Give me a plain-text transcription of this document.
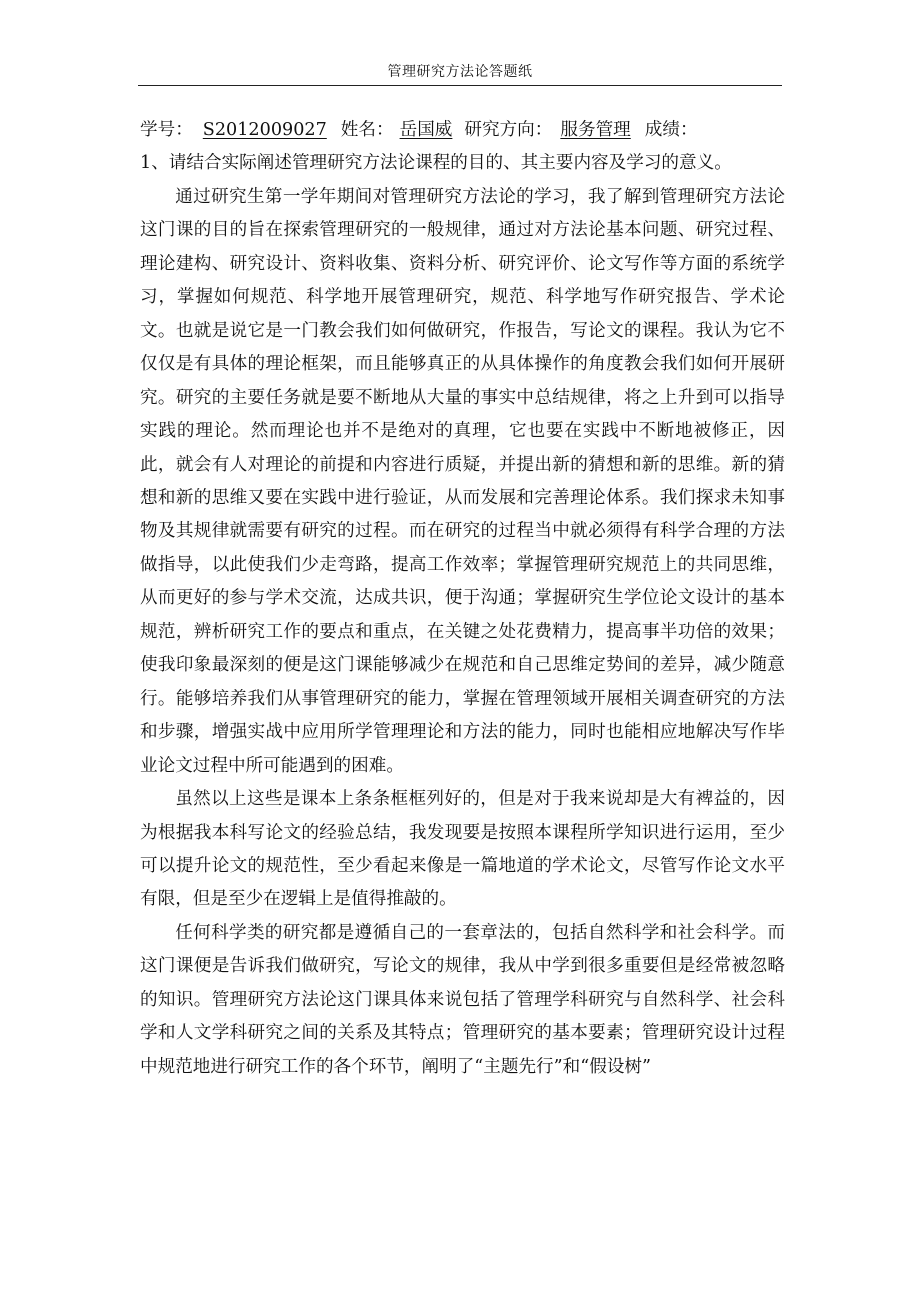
管理研究方法论答题纸
学号： S2012009027 姓名： 岳国威 研究方向： 服务管理 成绩：
1、请结合实际阐述管理研究方法论课程的目的、其主要内容及学习的意义。

通过研究生第一学年期间对管理研究方法论的学习，我了解到管理研究方法论这门课的目的旨在探索管理研究的一般规律，通过对方法论基本问题、研究过程、理论建构、研究设计、资料收集、资料分析、研究评价、论文写作等方面的系统学习，掌握如何规范、科学地开展管理研究，规范、科学地写作研究报告、学术论文。也就是说它是一门教会我们如何做研究，作报告，写论文的课程。我认为它不仅仅是有具体的理论框架，而且能够真正的从具体操作的角度教会我们如何开展研究。研究的主要任务就是要不断地从大量的事实中总结规律，将之上升到可以指导实践的理论。然而理论也并不是绝对的真理，它也要在实践中不断地被修正，因此，就会有人对理论的前提和内容进行质疑，并提出新的猜想和新的思维。新的猜想和新的思维又要在实践中进行验证，从而发展和完善理论体系。我们探求未知事物及其规律就需要有研究的过程。而在研究的过程当中就必须得有科学合理的方法做指导，以此使我们少走弯路，提高工作效率；掌握管理研究规范上的共同思维，从而更好的参与学术交流，达成共识，便于沟通；掌握研究生学位论文设计的基本规范，辨析研究工作的要点和重点，在关键之处花费精力，提高事半功倍的效果；使我印象最深刻的便是这门课能够减少在规范和自己思维定势间的差异，减少随意行。能够培养我们从事管理研究的能力，掌握在管理领域开展相关调查研究的方法和步骤，增强实战中应用所学管理理论和方法的能力，同时也能相应地解决写作毕业论文过程中所可能遇到的困难。

虽然以上这些是课本上条条框框列好的，但是对于我来说却是大有裨益的，因为根据我本科写论文的经验总结，我发现要是按照本课程所学知识进行运用，至少可以提升论文的规范性，至少看起来像是一篇地道的学术论文，尽管写作论文水平有限，但是至少在逻辑上是值得推敲的。

任何科学类的研究都是遵循自己的一套章法的，包括自然科学和社会科学。而这门课便是告诉我们做研究，写论文的规律，我从中学到很多重要但是经常被忽略的知识。管理研究方法论这门课具体来说包括了管理学科研究与自然科学、社会科学和人文学科研究之间的关系及其特点；管理研究的基本要素；管理研究设计过程中规范地进行研究工作的各个环节，阐明了“主题先行”和“假设树”
